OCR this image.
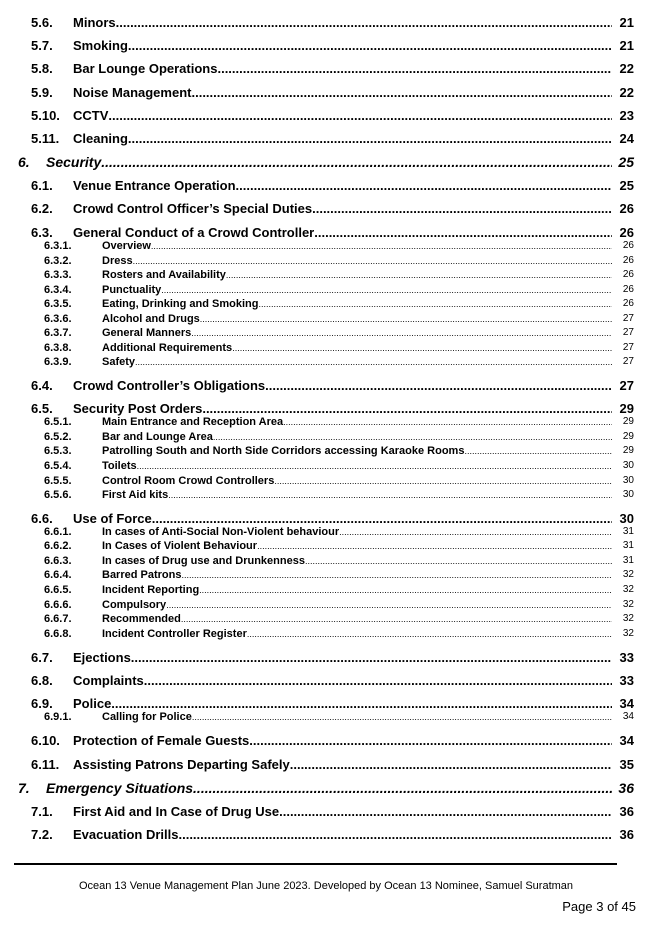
5.6. Minors .....	21
5.7. Smoking .....	21
5.8. Bar Lounge Operations .....	22
5.9. Noise Management .....	22
5.10. CCTV .....	23
5.11. Cleaning .....	24
6. Security .....	25
6.1. Venue Entrance Operation .....	25
6.2. Crowd Control Officer’s Special Duties .....	26
6.3. General Conduct of a Crowd Controller .....	26
6.3.1.	Overview .....	26
6.3.2.	Dress .....	26
6.3.3.	Rosters and Availability .....	26
6.3.4.	Punctuality .....	26
6.3.5.	Eating, Drinking and Smoking .....	26
6.3.6.	Alcohol and Drugs .....	27
6.3.7.	General Manners .....	27
6.3.8.	Additional Requirements .....	27
6.3.9.	Safety .....	27
6.4. Crowd Controller’s Obligations .....	27
6.5. Security Post Orders .....	29
6.5.1.	Main Entrance and Reception Area .....	29
6.5.2.	Bar and Lounge Area .....	29
6.5.3.	Patrolling South and North Side Corridors accessing Karaoke Rooms .....	29
6.5.4.	Toilets .....	30
6.5.5.	Control Room Crowd Controllers .....	30
6.5.6.	First Aid kits .....	30
6.6. Use of Force .....	30
6.6.1.	In cases of Anti-Social Non-Violent behaviour .....	31
6.6.2.	In Cases of Violent Behaviour .....	31
6.6.3.	In cases of Drug use and Drunkenness .....	31
6.6.4.	Barred Patrons .....	32
6.6.5.	Incident Reporting .....	32
6.6.6.	Compulsory .....	32
6.6.7.	Recommended .....	32
6.6.8.	Incident Controller Register .....	32
6.7. Ejections .....	33
6.8. Complaints .....	33
6.9. Police .....	34
6.9.1.	Calling for Police .....	34
6.10. Protection of Female Guests .....	34
6.11. Assisting Patrons Departing Safely .....	35
7. Emergency Situations .....	36
7.1. First Aid and In Case of Drug Use .....	36
7.2. Evacuation Drills .....	36
Ocean 13 Venue Management Plan June 2023. Developed by Ocean 13 Nominee, Samuel Suratman
Page 3 of 45
